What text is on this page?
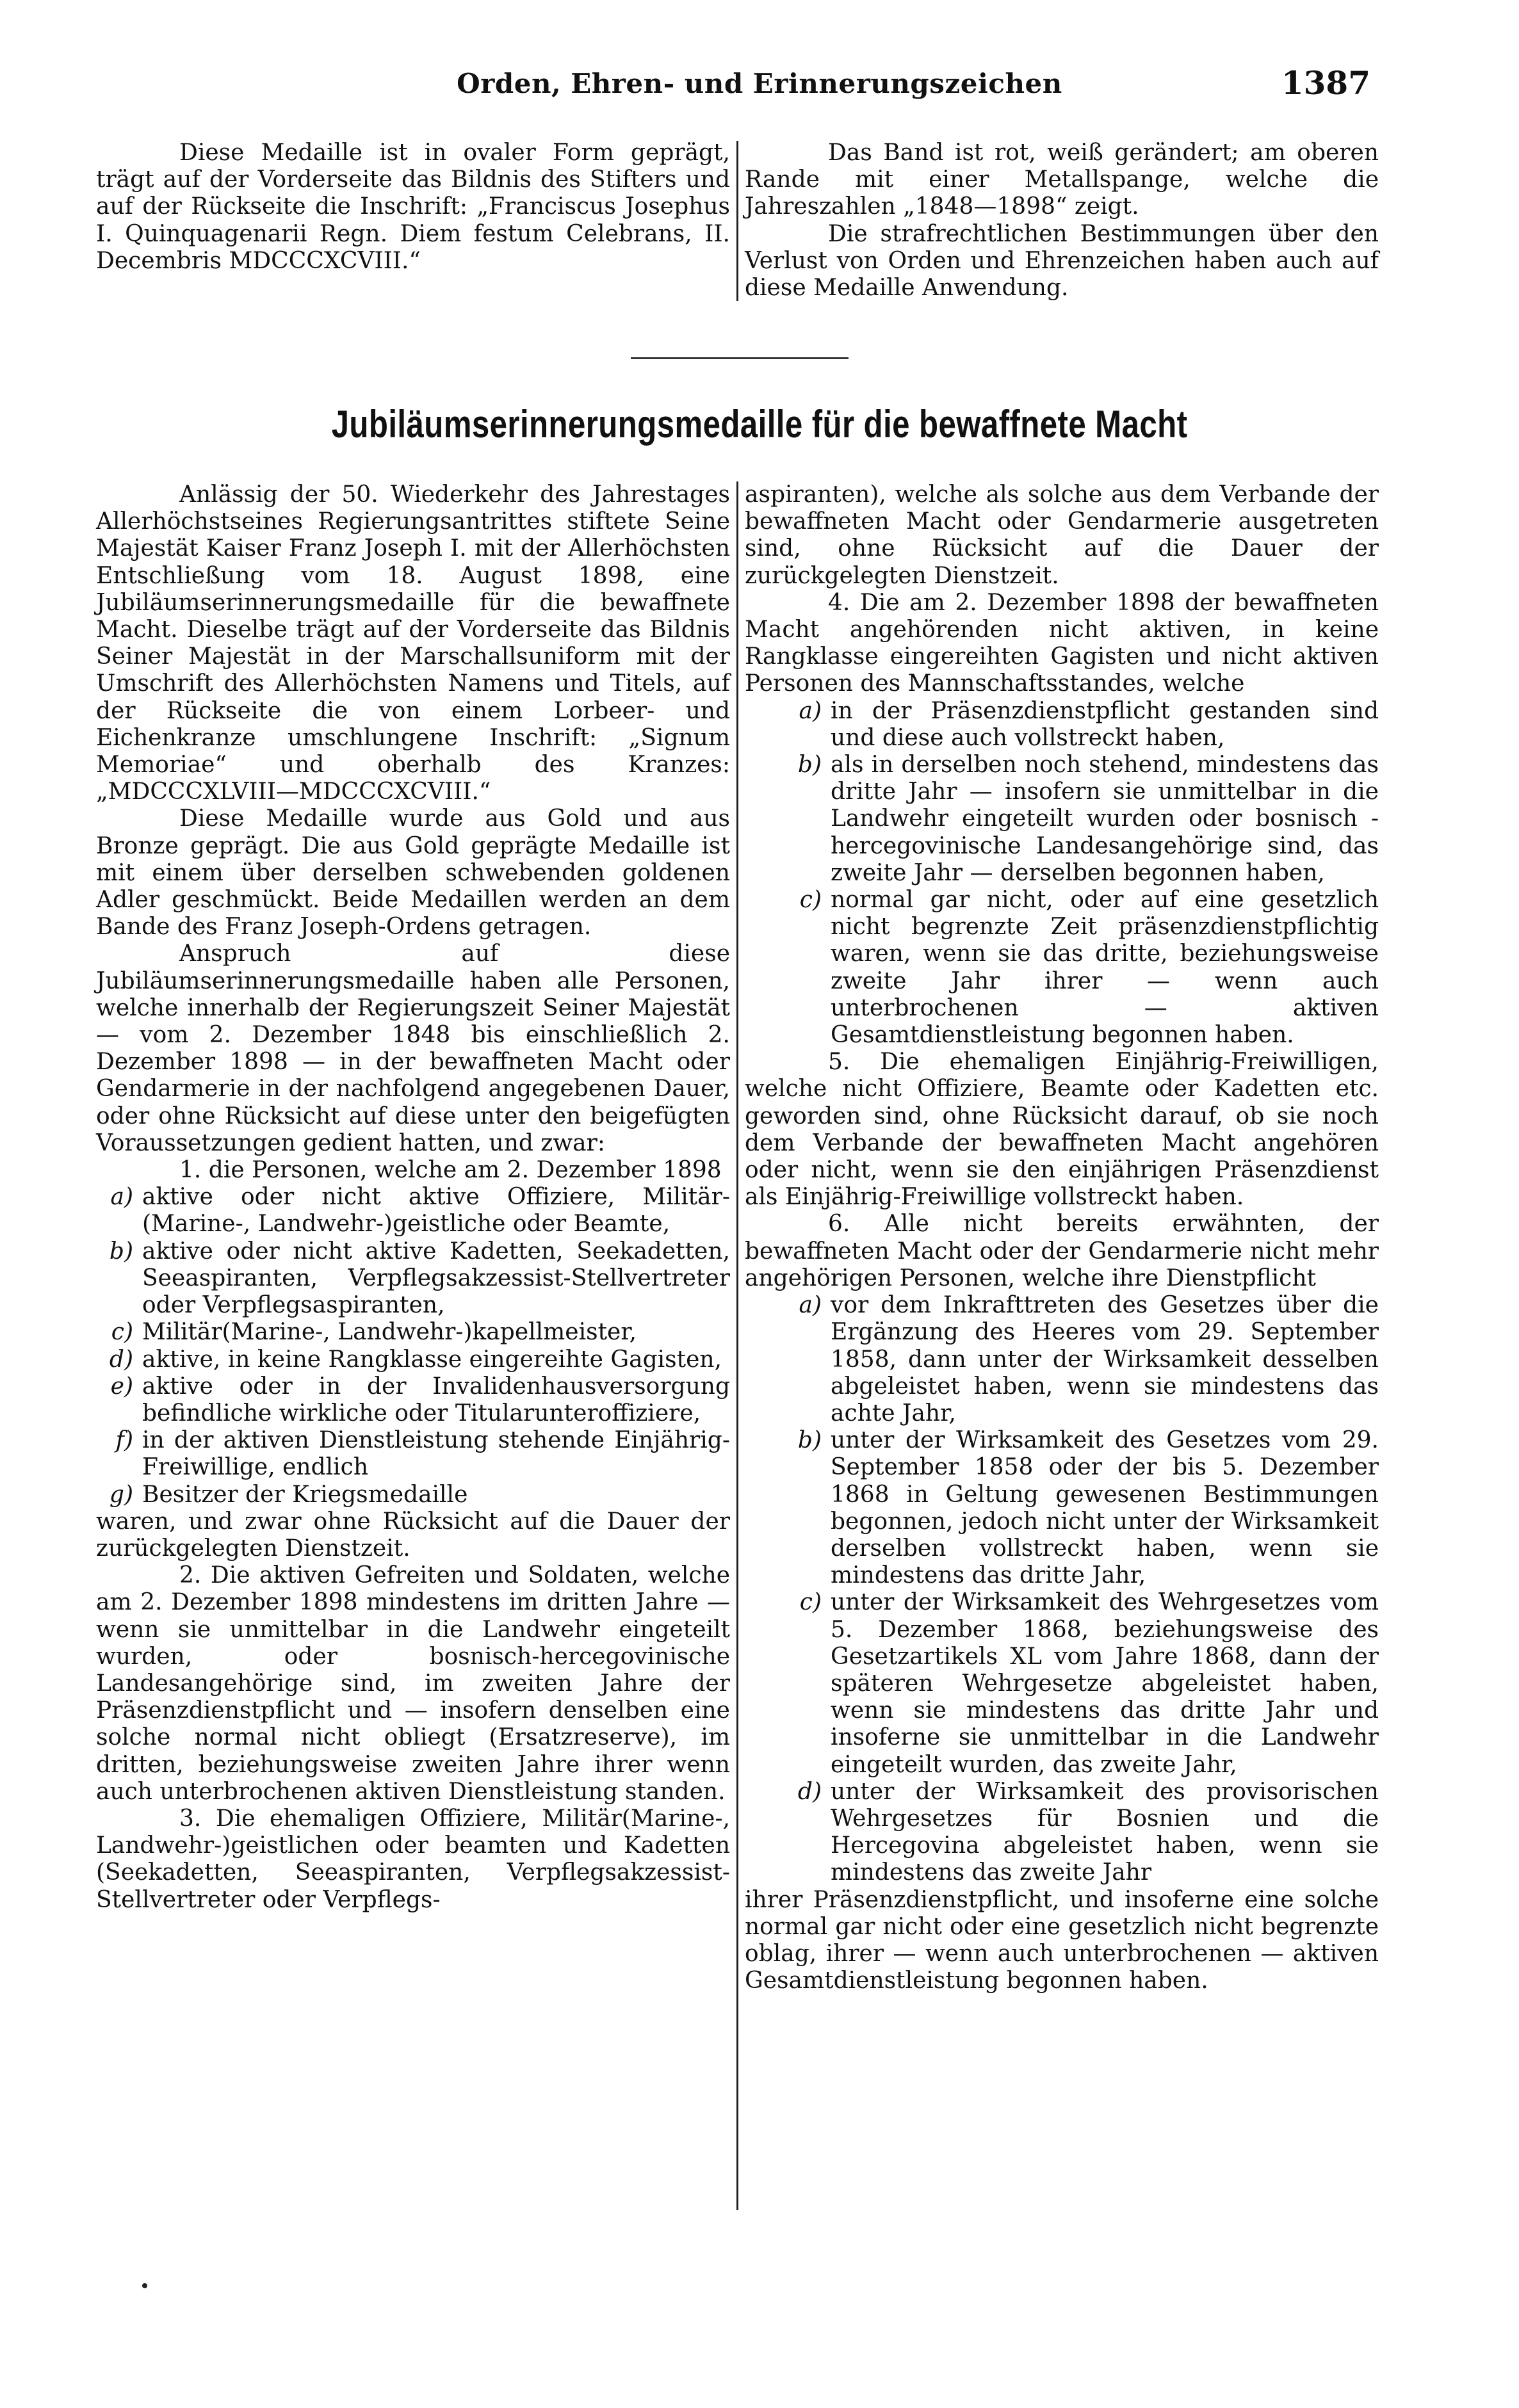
Orden, Ehren- und Erinnerungszeichen	1387

Diese Medaille ist in ovaler Form geprägt, trägt auf der Vorderseite das Bildnis des Stifters und auf der Rückseite die Inschrift: „Franciscus Josephus I. Quinquagenarii Regn. Diem festum Celebrans, II. Decembris MDCCCXCVIII.“

Das Band ist rot, weiß gerändert; am oberen Rande mit einer Metallspange, welche die Jahreszahlen „1848—1898“ zeigt.

Die strafrechtlichen Bestimmungen über den Verlust von Orden und Ehrenzeichen haben auch auf diese Medaille Anwendung.

Jubiläumserinnerungsmedaille für die bewaffnete Macht

Anlässig der 50. Wiederkehr des Jahrestages Allerhöchstseines Regierungsantrittes stiftete Seine Majestät Kaiser Franz Joseph I. mit der Allerhöchsten Entschließung vom 18. August 1898, eine Jubiläumserinnerungsmedaille für die bewaffnete Macht. Dieselbe trägt auf der Vorderseite das Bildnis Seiner Majestät in der Marschallsuniform mit der Umschrift des Allerhöchsten Namens und Titels, auf der Rückseite die von einem Lorbeer- und Eichenkranze umschlungene Inschrift: „Signum Memoriae“ und oberhalb des Kranzes: „MDCCCXLVIII—MDCCCXCVIII.“

Diese Medaille wurde aus Gold und aus Bronze geprägt. Die aus Gold geprägte Medaille ist mit einem über derselben schwebenden goldenen Adler geschmückt. Beide Medaillen werden an dem Bande des Franz Joseph-Ordens getragen.

Anspruch auf diese Jubiläumserinnerungsmedaille haben alle Personen, welche innerhalb der Regierungszeit Seiner Majestät — vom 2. Dezember 1848 bis einschließlich 2. Dezember 1898 — in der bewaffneten Macht oder Gendarmerie in der nachfolgend angegebenen Dauer, oder ohne Rücksicht auf diese unter den beigefügten Voraussetzungen gedient hatten, und zwar:

1. die Personen, welche am 2. Dezember 1898

a) aktive oder nicht aktive Offiziere, Militär- (Marine-, Landwehr-)geistliche oder Beamte,
b) aktive oder nicht aktive Kadetten, Seekadetten, Seeaspiranten, Verpflegsakzessist-Stellvertreter oder Verpflegsaspiranten,
c) Militär(Marine-, Landwehr-)kapellmeister,
d) aktive, in keine Rangklasse eingereihte Gagisten,
e) aktive oder in der Invalidenhausversorgung befindliche wirkliche oder Titularunteroffiziere,
f) in der aktiven Dienstleistung stehende Einjährig-Freiwillige, endlich
g) Besitzer der Kriegsmedaille

waren, und zwar ohne Rücksicht auf die Dauer der zurückgelegten Dienstzeit.

2. Die aktiven Gefreiten und Soldaten, welche am 2. Dezember 1898 mindestens im dritten Jahre — wenn sie unmittelbar in die Landwehr eingeteilt wurden, oder bosnisch-hercegovinische Landesangehörige sind, im zweiten Jahre der Präsenzdienstpflicht und — insofern denselben eine solche normal nicht obliegt (Ersatzreserve), im dritten, beziehungsweise zweiten Jahre ihrer wenn auch unterbrochenen aktiven Dienstleistung standen.

3. Die ehemaligen Offiziere, Militär(Marine-, Landwehr-)geistlichen oder beamten und Kadetten (Seekadetten, Seeaspiranten, Verpflegsakzessist-Stellvertreter oder Verpflegs-

aspiranten), welche als solche aus dem Verbande der bewaffneten Macht oder Gendarmerie ausgetreten sind, ohne Rücksicht auf die Dauer der zurückgelegten Dienstzeit.

4. Die am 2. Dezember 1898 der bewaffneten Macht angehörenden nicht aktiven, in keine Rangklasse eingereihten Gagisten und nicht aktiven Personen des Mannschaftsstandes, welche

a) in der Präsenzdienstpflicht gestanden sind und diese auch vollstreckt haben,
b) als in derselben noch stehend, mindestens das dritte Jahr — insofern sie unmittelbar in die Landwehr eingeteilt wurden oder bosnisch - hercegovinische Landesangehörige sind, das zweite Jahr — derselben begonnen haben,
c) normal gar nicht, oder auf eine gesetzlich nicht begrenzte Zeit präsenzdienstpflichtig waren, wenn sie das dritte, beziehungsweise zweite Jahr ihrer — wenn auch unterbrochenen — aktiven Gesamtdienstleistung begonnen haben.

5. Die ehemaligen Einjährig-Freiwilligen, welche nicht Offiziere, Beamte oder Kadetten etc. geworden sind, ohne Rücksicht darauf, ob sie noch dem Verbande der bewaffneten Macht angehören oder nicht, wenn sie den einjährigen Präsenzdienst als Einjährig-Freiwillige vollstreckt haben.

6. Alle nicht bereits erwähnten, der bewaffneten Macht oder der Gendarmerie nicht mehr angehörigen Personen, welche ihre Dienstpflicht

a) vor dem Inkrafttreten des Gesetzes über die Ergänzung des Heeres vom 29. September 1858, dann unter der Wirksamkeit desselben abgeleistet haben, wenn sie mindestens das achte Jahr,
b) unter der Wirksamkeit des Gesetzes vom 29. September 1858 oder der bis 5. Dezember 1868 in Geltung gewesenen Bestimmungen begonnen, jedoch nicht unter der Wirksamkeit derselben vollstreckt haben, wenn sie mindestens das dritte Jahr,
c) unter der Wirksamkeit des Wehrgesetzes vom 5. Dezember 1868, beziehungsweise des Gesetzartikels XL vom Jahre 1868, dann der späteren Wehrgesetze abgeleistet haben, wenn sie mindestens das dritte Jahr und insoferne sie unmittelbar in die Landwehr eingeteilt wurden, das zweite Jahr,
d) unter der Wirksamkeit des provisorischen Wehrgesetzes für Bosnien und die Hercegovina abgeleistet haben, wenn sie mindestens das zweite Jahr

ihrer Präsenzdienstpflicht, und insoferne eine solche normal gar nicht oder eine gesetzlich nicht begrenzte oblag, ihrer — wenn auch unterbrochenen — aktiven Gesamtdienstleistung begonnen haben.
